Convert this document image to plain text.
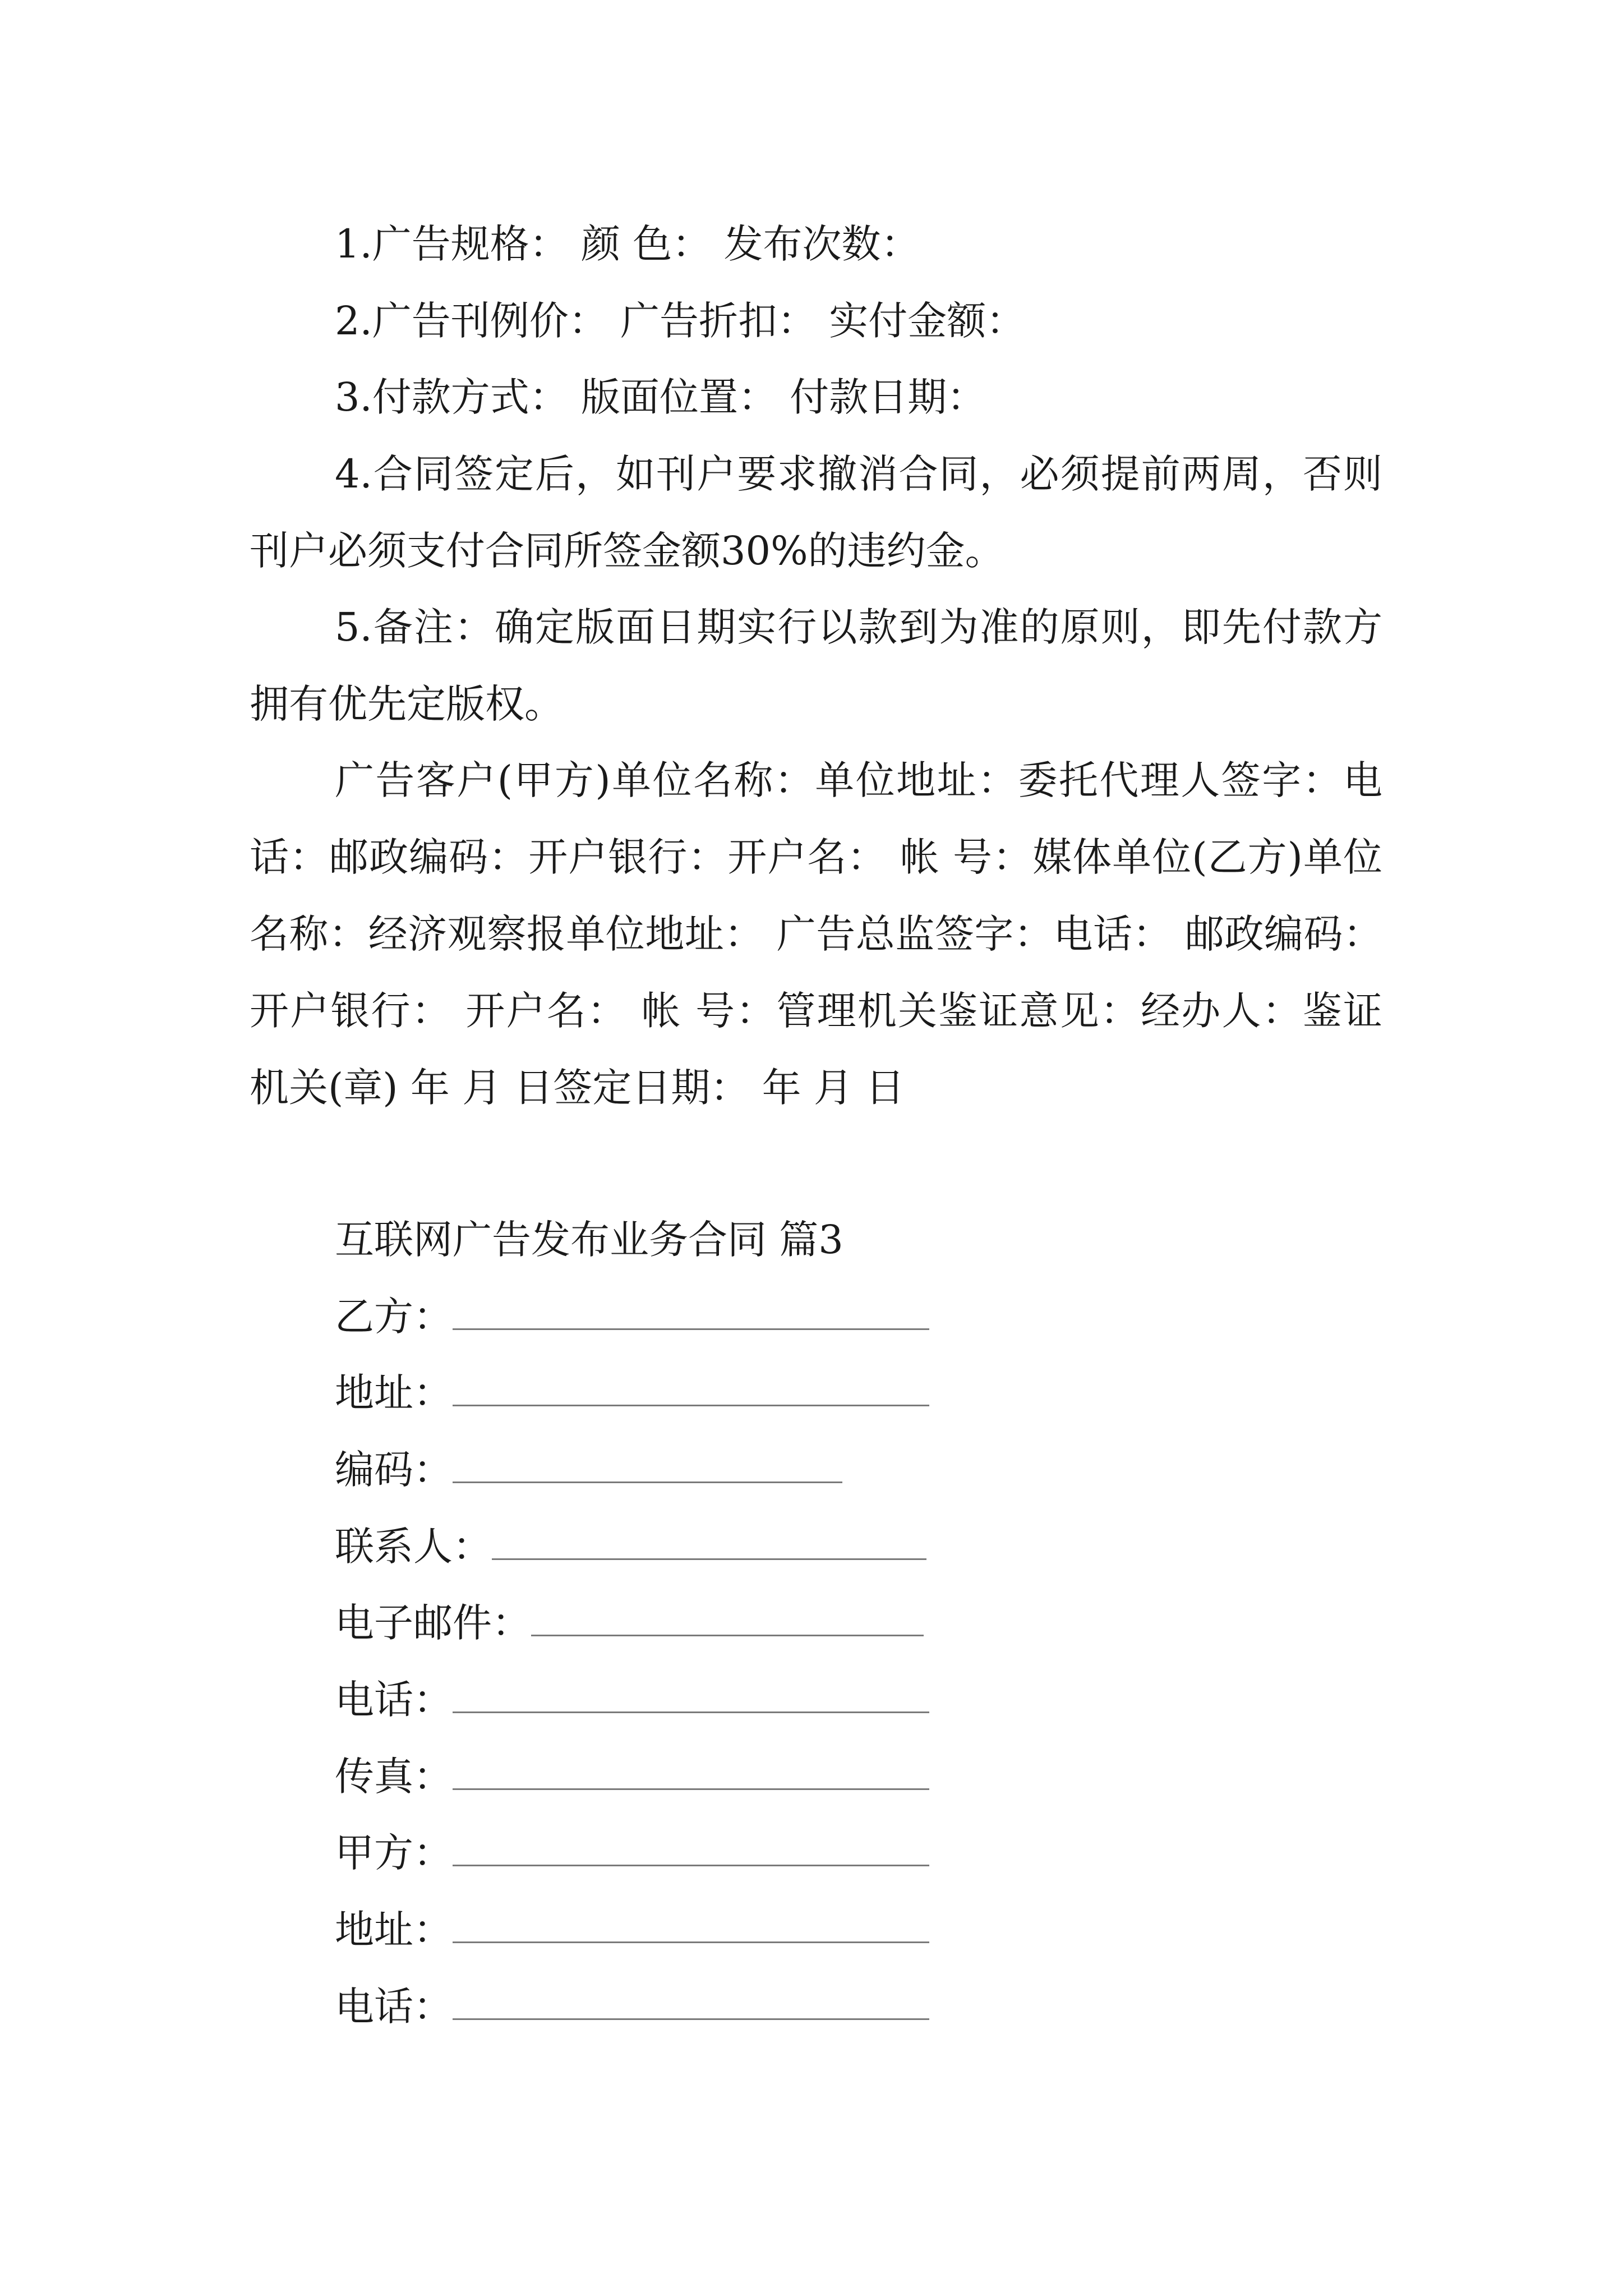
1.广告规格： 颜 色： 发布次数：
2.广告刊例价： 广告折扣： 实付金额：
3.付款方式： 版面位置： 付款日期：

4.合同签定后，如刊户要求撤消合同，必须提前两周，否则刊户必须支付合同所签金额30%的违约金。

5.备注：确定版面日期实行以款到为准的原则，即先付款方拥有优先定版权。

广告客户(甲方)单位名称：单位地址：委托代理人签字：电 话：邮政编码：开户银行：开户名： 帐 号：媒体单位(乙方)单位名称：经济观察报单位地址： 广告总监签字：电话： 邮政编码： 开户银行： 开户名： 帐 号：管理机关鉴证意见：经办人：鉴证机关(章) 年 月 日签定日期： 年 月 日

互联网广告发布业务合同 篇3
乙方：
地址：
编码：
联系人：
电子邮件：
电话：
传真：
甲方：
地址：
电话：
